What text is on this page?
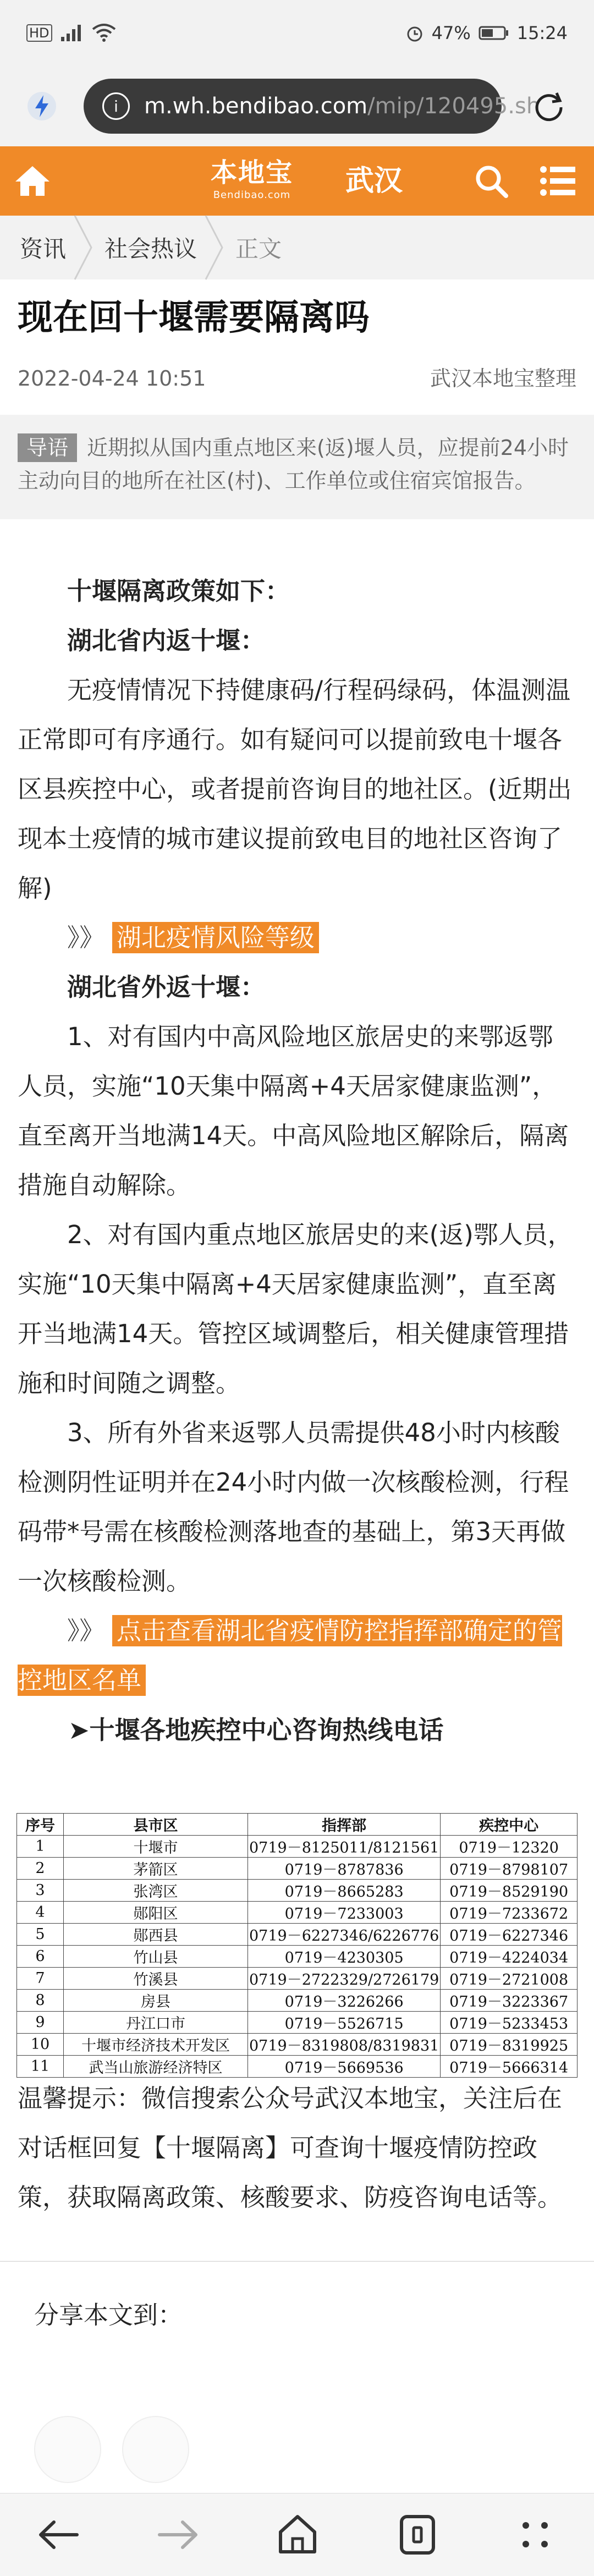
HD	47%	15:24
i	m.wh.bendibao.com /mip/120495.sh
本地宝
Bendibao.com	武汉
资讯 社会热议 正文
现在回十堰需要隔离吗
2022-04-24 10:51	武汉本地宝整理
导语 近期拟从国内重点地区来(返)堰人员，应提前24小时主动向目的地所在社区(村)、工作单位或住宿宾馆报告。

十堰隔离政策如下：

湖北省内返十堰：

无疫情情况下持健康码/行程码绿码，体温测温正常即可有序通行。如有疑问可以提前致电十堰各区县疾控中心，或者提前咨询目的地社区。(近期出现本土疫情的城市建议提前致电目的地社区咨询了解)

》》 湖北疫情风险等级

湖北省外返十堰：

1、对有国内中高风险地区旅居史的来鄂返鄂人员，实施“10天集中隔离+4天居家健康监测”，直至离开当地满14天。中高风险地区解除后，隔离措施自动解除。

2、对有国内重点地区旅居史的来(返)鄂人员，实施“10天集中隔离+4天居家健康监测”，直至离开当地满14天。管控区域调整后，相关健康管理措施和时间随之调整。

3、所有外省来返鄂人员需提供48小时内核酸检测阴性证明并在24小时内做一次核酸检测，行程码带*号需在核酸检测落地查的基础上，第3天再做一次核酸检测。

》》 点击查看湖北省疫情防控指挥部确定的管控地区名单

➤十堰各地疾控中心咨询热线电话

序号	县市区	指挥部	疾控中心
1	十堰市	0719－8125011/8121561	0719－12320
2	茅箭区	0719－8787836	0719－8798107
3	张湾区	0719－8665283	0719－8529190
4	郧阳区	0719－7233003	0719－7233672
5	郧西县	0719－6227346/6226776	0719－6227346
6	竹山县	0719－4230305	0719－4224034
7	竹溪县	0719－2722329/2726179	0719－2721008
8	房县	0719－3226266	0719－3223367
9	丹江口市	0719－5526715	0719－5233453
10	十堰市经济技术开发区	0719－8319808/8319831	0719－8319925
11	武当山旅游经济特区	0719－5669536	0719－5666314
温馨提示：微信搜索公众号武汉本地宝，关注后在对话框回复【十堰隔离】可查询十堰疫情防控政策，获取隔离政策、核酸要求、防疫咨询电话等。
分享本文到：
